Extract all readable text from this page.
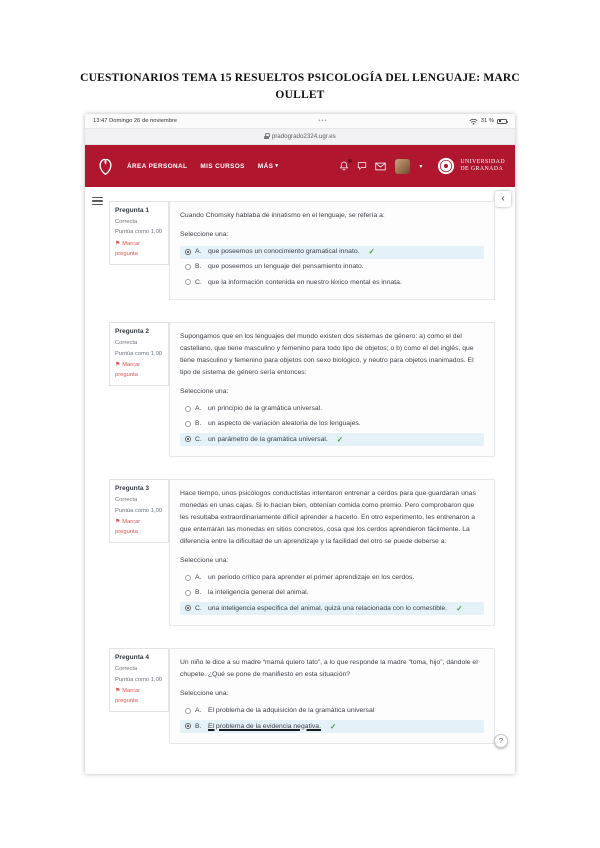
CUESTIONARIOS TEMA 15 RESUELTOS PSICOLOGÍA DEL LENGUAJE: MARC OULLET
13:47 Domingo 26 de noviembre	•••	31 %
pradogrado2324.ugr.es
ÁREA PERSONAL MIS CURSOS MÁS ▾	▾
UNIVERSIDAD
DE GRANADA
‹
Pregunta 1
Correcta
Puntúa como 1,00
⚑ Marcar pregunta
Cuando Chomsky hablaba de innatismo en el lenguaje, se refería a:
Seleccione una:
A. que poseemos un conocimiento gramatical innato. ✓
B. que poseemos un lenguaje del pensamiento innato.
C. que la información contenida en nuestro léxico mental es innata.
Pregunta 2
Correcta
Puntúa como 1,00
⚑ Marcar pregunta
Supongamos que en los lenguajes del mundo existen dos sistemas de género: a) como el del castellano, que tiene masculino y femenino para todo tipo de objetos; o b) como el del inglés, que tiene masculino y femenino para objetos con sexo biológico, y neutro para objetos inanimados. El tipo de sistema de género sería entonces:
Seleccione una:
A. un principio de la gramática universal.
B. un aspecto de variación aleatoria de los lenguajes.
C. un parámetro de la gramática universal. ✓
Pregunta 3
Correcta
Puntúa como 1,00
⚑ Marcar pregunta
Hace tiempo, unos psicólogos conductistas intentaron entrenar a cerdos para que guardaran unas monedas en unas cajas. Si lo hacían bien, obtenían comida como premio. Pero comprobaron que les resultaba extraordinariamente difícil aprender a hacerlo. En otro experimento, les entrenaron a que enterraran las monedas en sitios concretos, cosa que los cerdos aprendieron fácilmente. La diferencia entre la dificultad de un aprendizaje y la facilidad del otro se puede deberse a:
Seleccione una:
A. un periodo crítico para aprender el primer aprendizaje en los cerdos.
B. la inteligencia general del animal.
C. una inteligencia específica del animal, quizá una relacionada con lo comestible. ✓
Pregunta 4
Correcta
Puntúa como 1,00
⚑ Marcar pregunta
Un niño le dice a su madre “mamá quiero tato”, a lo que responde la madre “toma, hijo”, dándole el chupete. ¿Qué se pone de manifiesto en esta situación?
Seleccione una:
A. El problema de la adquisición de la gramática universal
B. El problema de la evidencia negativa. ✓
?
